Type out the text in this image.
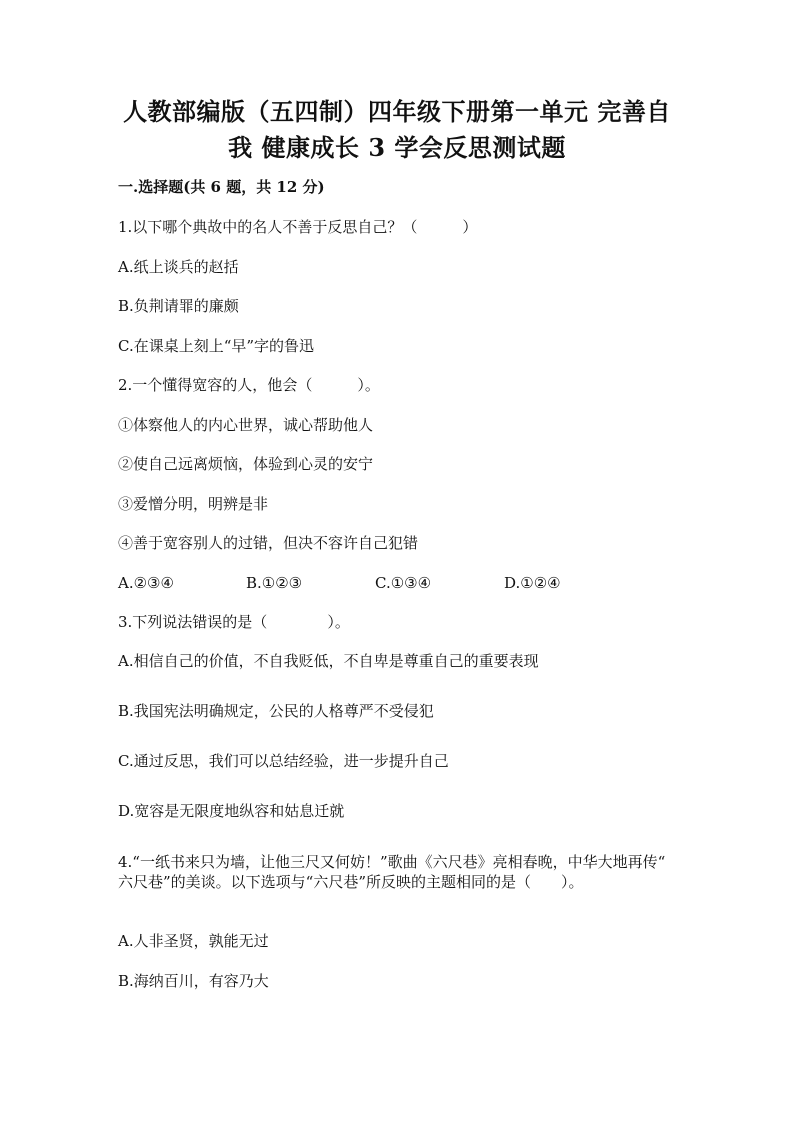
人教部编版（五四制）四年级下册第一单元 完善自
我 健康成长 3 学会反思测试题
一.选择题(共 6 题，共 12 分)
1.以下哪个典故中的名人不善于反思自己？（　　　）
A.纸上谈兵的赵括
B.负荆请罪的廉颇
C.在课桌上刻上“早”字的鲁迅
2.一个懂得宽容的人，他会（　　　）。
①体察他人的内心世界，诚心帮助他人
②使自己远离烦恼，体验到心灵的安宁
③爱憎分明，明辨是非
④善于宽容别人的过错，但决不容许自己犯错
A.②③④	B.①②③	C.①③④	D.①②④
3.下列说法错误的是（　　　　）。
A.相信自己的价值，不自我贬低，不自卑是尊重自己的重要表现
B.我国宪法明确规定，公民的人格尊严不受侵犯
C.通过反思，我们可以总结经验，进一步提升自己
D.宽容是无限度地纵容和姑息迁就
4.“一纸书来只为墙，让他三尺又何妨！”歌曲《六尺巷》亮相春晚，中华大地再传“ 六尺巷”的美谈。以下选项与“六尺巷”所反映的主题相同的是（　　）。
A.人非圣贤，孰能无过
B.海纳百川，有容乃大
